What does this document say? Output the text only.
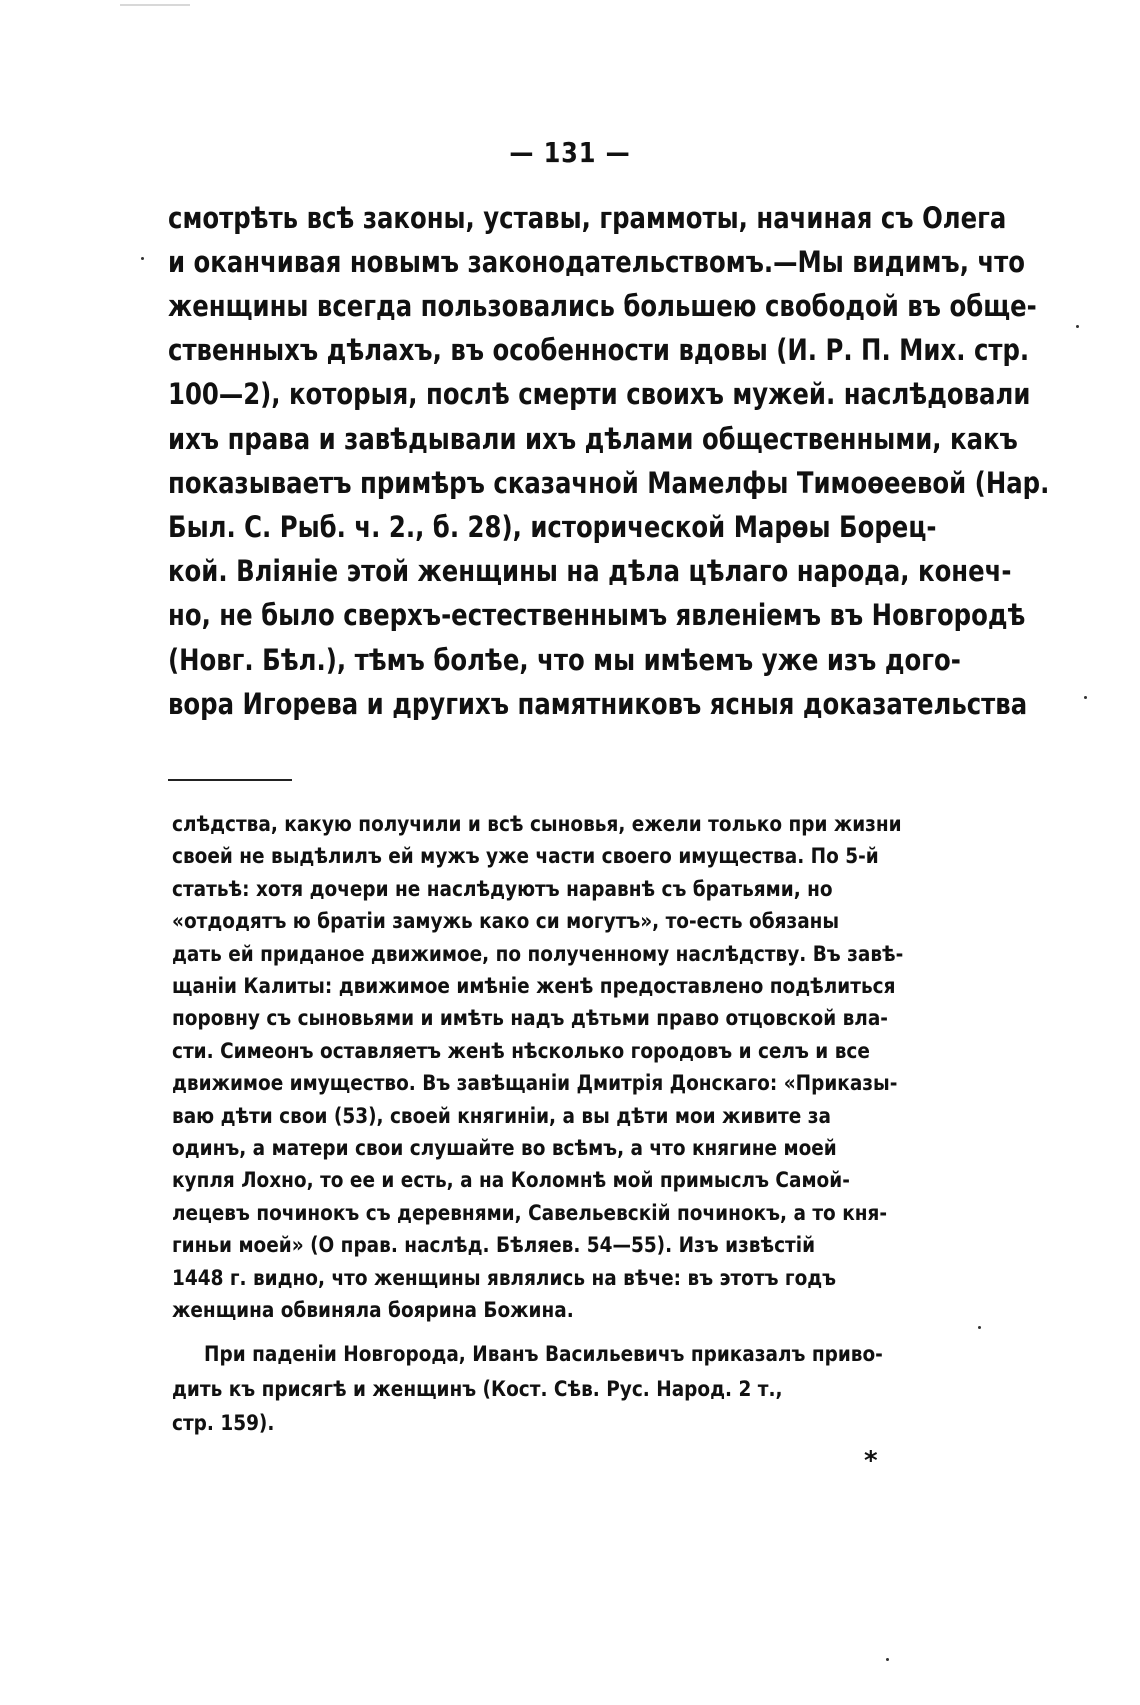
— 131 —
смотрѣть всѣ законы, уставы, граммоты, начиная съ Олега
и оканчивая новымъ законодательствомъ.—Мы видимъ, что
женщины всегда пользовались большею свободой въ обще-
ственныхъ дѣлахъ, въ особенности вдовы (И. Р. П. Мих. стр.
100—2), которыя, послѣ смерти своихъ мужей. наслѣдовали
ихъ права и завѣдывали ихъ дѣлами общественными, какъ
показываетъ примѣръ сказачной Мамелфы Тимоѳеевой (Нар.
Был. С. Рыб. ч. 2., б. 28), исторической Марѳы Борец-
кой. Вліяніе этой женщины на дѣла цѣлаго народа, конеч-
но, не было сверхъ-естественнымъ явленіемъ въ Новгородѣ
(Новг. Бѣл.), тѣмъ болѣе, что мы имѣемъ уже изъ дого-
вора Игорева и другихъ памятниковъ ясныя доказательства
слѣдства, какую получили и всѣ сыновья, ежели только при жизни
своей не выдѣлилъ ей мужъ уже части своего имущества. По 5-й
статьѣ: хотя дочери не наслѣдуютъ наравнѣ съ братьями, но
«отдодятъ ю братіи замужь како си могутъ», то-есть обязаны
дать ей приданое движимое, по полученному наслѣдству. Въ завѣ-
щаніи Калиты: движимое имѣніе женѣ предоставлено подѣлиться
поровну съ сыновьями и имѣть надъ дѣтьми право отцовской вла-
сти. Симеонъ оставляетъ женѣ нѣсколько городовъ и селъ и все
движимое имущество. Въ завѣщаніи Дмитрія Донскаго: «Приказы-
ваю дѣти свои (53), своей княгиніи, а вы дѣти мои живите за
одинъ, а матери свои слушайте во всѣмъ, а что княгине моей
купля Лохно, то ее и есть, а на Коломнѣ мой примыслъ Самой-
лецевъ починокъ съ деревнями, Савельевскій починокъ, а то кня-
гиньи моей» (О прав. наслѣд. Бѣляев. 54—55). Изъ извѣстій
1448 г. видно, что женщины являлись на вѣче: въ этотъ годъ
женщина обвиняла боярина Божина.
При паденіи Новгорода, Иванъ Васильевичъ приказалъ приво-
дить къ присягѣ и женщинъ (Кост. Сѣв. Рус. Народ. 2 т.,
стр. 159).
*
